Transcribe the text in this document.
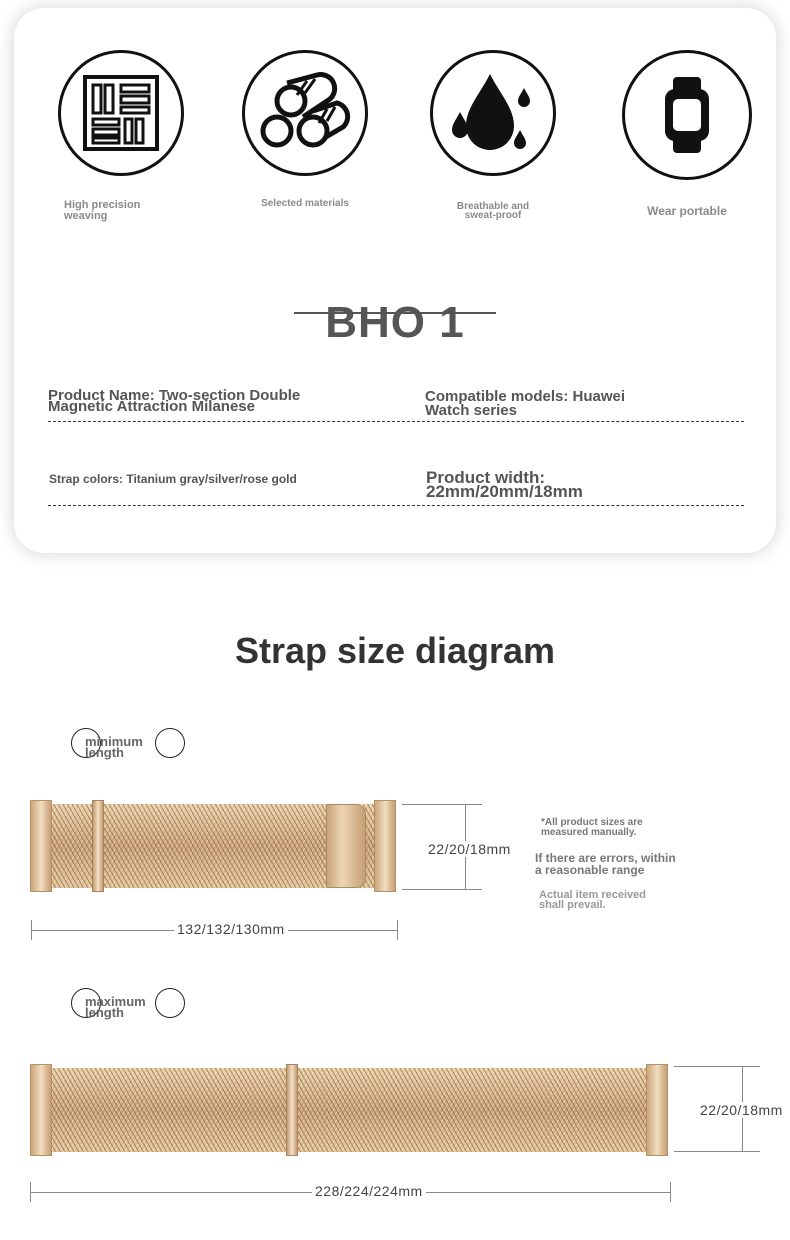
High precision
weaving
Selected materials	Breathable and
sweat-proof	Wear portable
BHO 1
Product Name: Two-section Double
Magnetic Attraction Milanese
Compatible models: Huawei
Watch series
Strap colors: Titanium gray/silver/rose gold	Product width:
22mm/20mm/18mm
Strap size diagram
minimum
length
22/20/18mm
132/132/130mm
*All product sizes are
measured manually.
If there are errors, within
a reasonable range
Actual item received
shall prevail.
maximum
length
22/20/18mm
228/224/224mm
